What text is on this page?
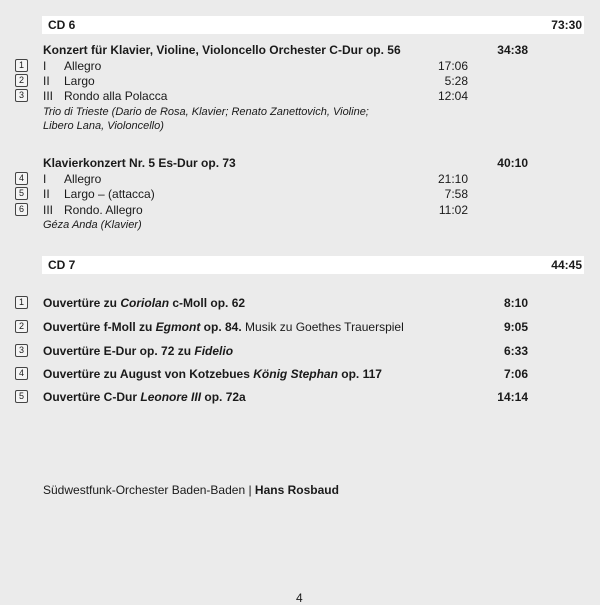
CD 6	73:30
Konzert für Klavier, Violine, Violoncello Orchester C-Dur op. 56	34:38
1	I Allegro	17:06
2	II Largo	5:28
3	III Rondo alla Polacca	12:04
Trio di Trieste (Dario de Rosa, Klavier; Renato Zanettovich, Violine;
Libero Lana, Violoncello)
Klavierkonzert Nr. 5 Es-Dur op. 73	40:10
4	I Allegro	21:10
5	II Largo – (attacca)	7:58
6	III Rondo. Allegro	11:02
Géza Anda (Klavier)
CD 7	44:45
1	Ouvertüre zu Coriolan c-Moll op. 62	8:10
2	Ouvertüre f-Moll zu Egmont op. 84. Musik zu Goethes Trauerspiel	9:05
3	Ouvertüre E-Dur op. 72 zu Fidelio	6:33
4	Ouvertüre zu August von Kotzebues König Stephan op. 117	7:06
5	Ouvertüre C-Dur Leonore III op. 72a	14:14
Südwestfunk-Orchester Baden-Baden | Hans Rosbaud
4
